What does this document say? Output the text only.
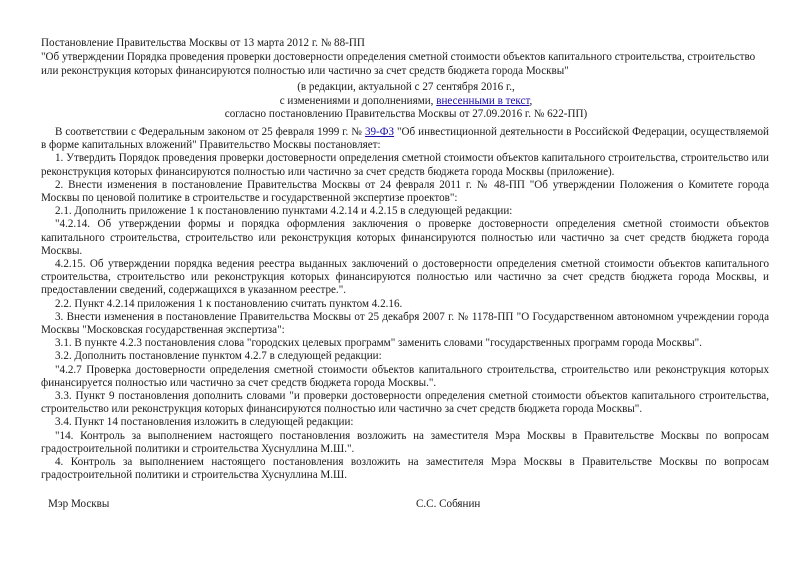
Постановление Правительства Москвы от 13 марта 2012 г. № 88-ПП
"Об утверждении Порядка проведения проверки достоверности определения сметной стоимости объектов капитального строительства, строительство
или реконструкция которых финансируются полностью или частично за счет средств бюджета города Москвы"
(в редакции, актуальной с 27 сентября 2016 г.,
с изменениями и дополнениями, внесенными в текст,
согласно постановлению Правительства Москвы от 27.09.2016 г. № 622-ПП)

В соответствии с Федеральным законом от 25 февраля 1999 г. № 39-ФЗ "Об инвестиционной деятельности в Российской Федерации, осуществляемой в форме капитальных вложений" Правительство Москвы постановляет:

1. Утвердить Порядок проведения проверки достоверности определения сметной стоимости объектов капитального строительства, строительство или реконструкция которых финансируются полностью или частично за счет средств бюджета города Москвы (приложение).

2. Внести изменения в постановление Правительства Москвы от 24 февраля 2011 г. № 48-ПП "Об утверждении Положения о Комитете города Москвы по ценовой политике в строительстве и государственной экспертизе проектов":

2.1. Дополнить приложение 1 к постановлению пунктами 4.2.14 и 4.2.15 в следующей редакции:

"4.2.14. Об утверждении формы и порядка оформления заключения о проверке достоверности определения сметной стоимости объектов капитального строительства, строительство или реконструкция которых финансируются полностью или частично за счет средств бюджета города Москвы.

4.2.15. Об утверждении порядка ведения реестра выданных заключений о достоверности определения сметной стоимости объектов капитального строительства, строительство или реконструкция которых финансируются полностью или частично за счет средств бюджета города Москвы, и предоставлении сведений, содержащихся в указанном реестре.".

2.2. Пункт 4.2.14 приложения 1 к постановлению считать пунктом 4.2.16.

3. Внести изменения в постановление Правительства Москвы от 25 декабря 2007 г. № 1178-ПП "О Государственном автономном учреждении города Москвы "Московская государственная экспертиза":

3.1. В пункте 4.2.3 постановления слова "городских целевых программ" заменить словами "государственных программ города Москвы".

3.2. Дополнить постановление пунктом 4.2.7 в следующей редакции:

"4.2.7 Проверка достоверности определения сметной стоимости объектов капитального строительства, строительство или реконструкция которых финансируется полностью или частично за счет средств бюджета города Москвы.".

3.3. Пункт 9 постановления дополнить словами "и проверки достоверности определения сметной стоимости объектов капитального строительства, строительство или реконструкция которых финансируются полностью или частично за счет средств бюджета города Москвы".

3.4. Пункт 14 постановления изложить в следующей редакции:

"14. Контроль за выполнением настоящего постановления возложить на заместителя Мэра Москвы в Правительстве Москвы по вопросам градостроительной политики и строительства Хуснуллина М.Ш.".

4. Контроль за выполнением настоящего постановления возложить на заместителя Мэра Москвы в Правительстве Москвы по вопросам градостроительной политики и строительства Хуснуллина М.Ш.

Мэр Москвы	С.С. Собянин
